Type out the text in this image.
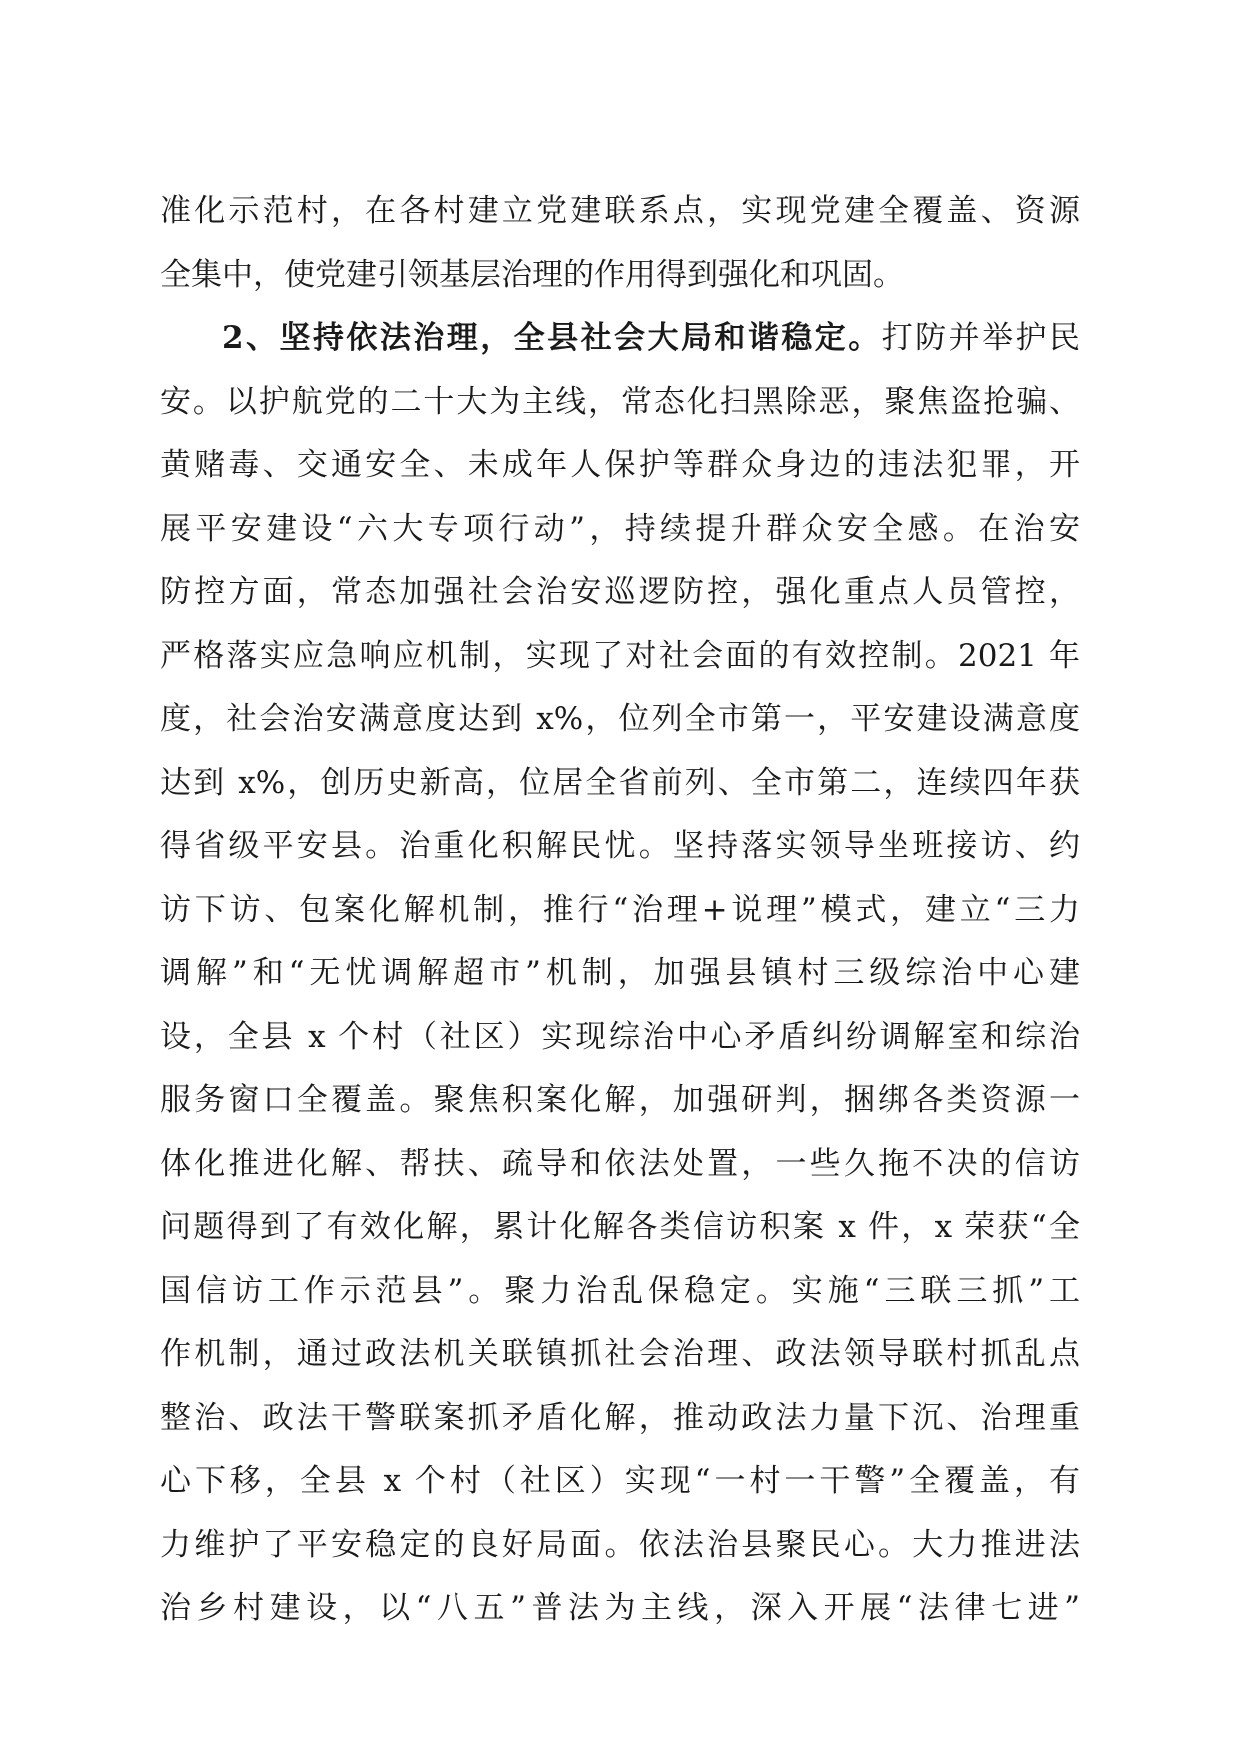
准化示范村，在各村建立党建联系点，实现党建全覆盖、资源
全集中，使党建引领基层治理的作用得到强化和巩固。
2、坚持依法治理，全县社会大局和谐稳定。打防并举护民
安。以护航党的二十大为主线，常态化扫黑除恶，聚焦盗抢骗、
黄赌毒、交通安全、未成年人保护等群众身边的违法犯罪，开
展平安建设“六大专项行动”，持续提升群众安全感。在治安
防控方面，常态加强社会治安巡逻防控，强化重点人员管控，
严格落实应急响应机制，实现了对社会面的有效控制。2021 年
度，社会治安满意度达到 x%，位列全市第一，平安建设满意度
达到 x%，创历史新高，位居全省前列、全市第二，连续四年获
得省级平安县。治重化积解民忧。坚持落实领导坐班接访、约
访下访、包案化解机制，推行“治理+说理”模式，建立“三力
调解”和“无忧调解超市”机制，加强县镇村三级综治中心建
设，全县 x 个村（社区）实现综治中心矛盾纠纷调解室和综治
服务窗口全覆盖。聚焦积案化解，加强研判，捆绑各类资源一
体化推进化解、帮扶、疏导和依法处置，一些久拖不决的信访
问题得到了有效化解，累计化解各类信访积案 x 件，x 荣获“全
国信访工作示范县”。聚力治乱保稳定。实施“三联三抓”工
作机制，通过政法机关联镇抓社会治理、政法领导联村抓乱点
整治、政法干警联案抓矛盾化解，推动政法力量下沉、治理重
心下移，全县 x 个村（社区）实现“一村一干警”全覆盖，有
力维护了平安稳定的良好局面。依法治县聚民心。大力推进法
治乡村建设，以“八五”普法为主线，深入开展“法律七进”
